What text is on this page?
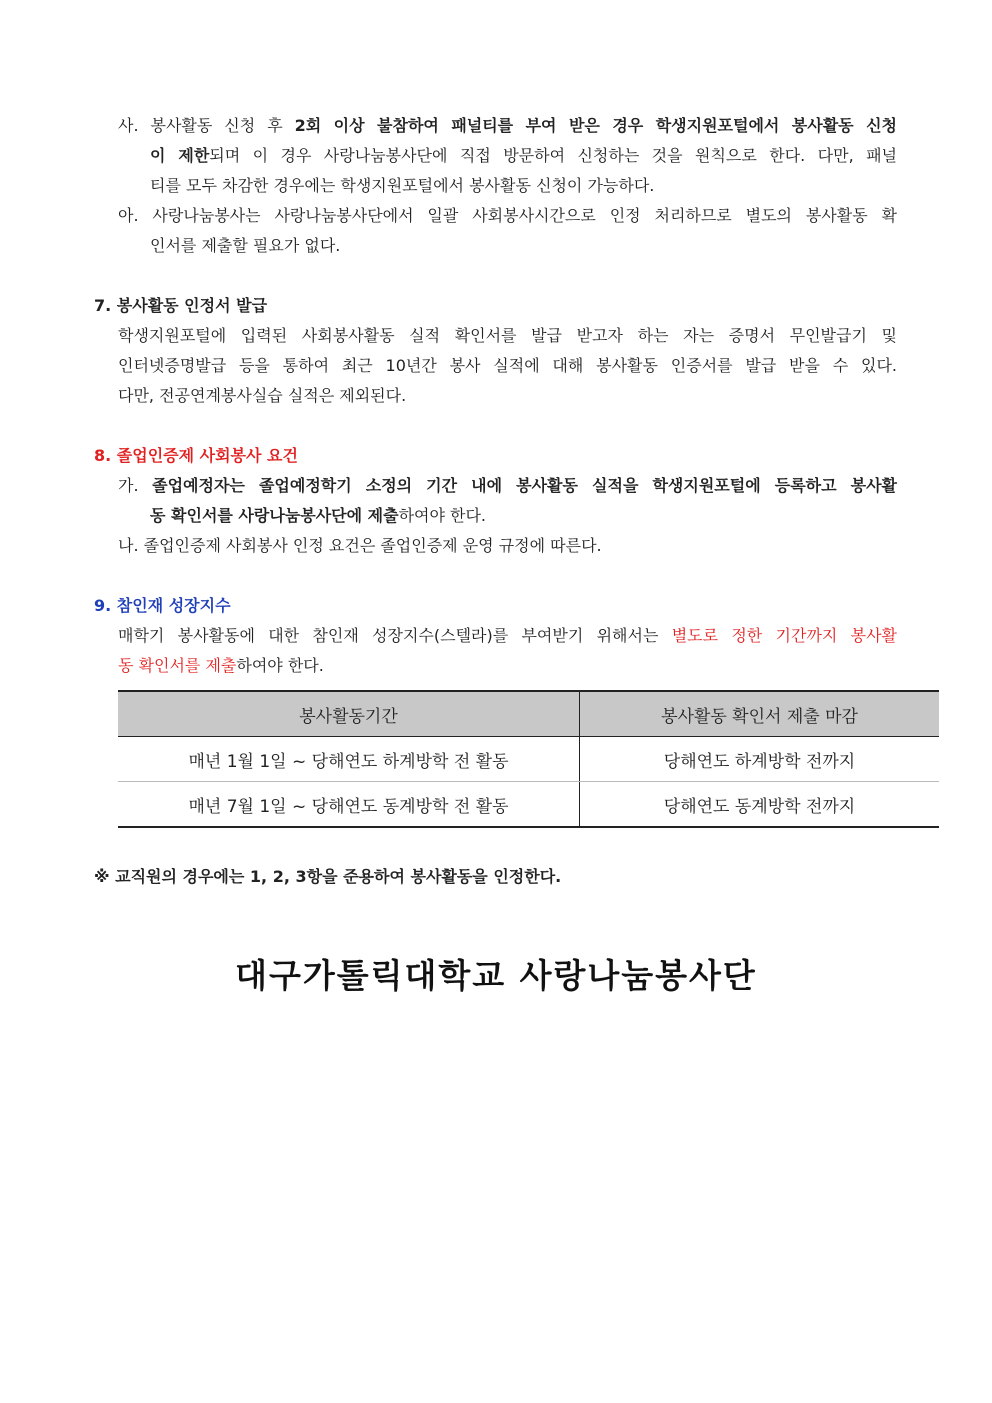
사. 봉사활동 신청 후 2회 이상 불참하여 패널티를 부여 받은 경우 학생지원포털에서 봉사활동 신청
이 제한되며 이 경우 사랑나눔봉사단에 직접 방문하여 신청하는 것을 원칙으로 한다. 다만, 패널
티를 모두 차감한 경우에는 학생지원포털에서 봉사활동 신청이 가능하다.
아. 사랑나눔봉사는 사랑나눔봉사단에서 일괄 사회봉사시간으로 인정 처리하므로 별도의 봉사활동 확
인서를 제출할 필요가 없다.
7. 봉사활동 인정서 발급
학생지원포털에 입력된 사회봉사활동 실적 확인서를 발급 받고자 하는 자는 증명서 무인발급기 및
인터넷증명발급 등을 통하여 최근 10년간 봉사 실적에 대해 봉사활동 인증서를 발급 받을 수 있다.
다만, 전공연계봉사실습 실적은 제외된다.
8. 졸업인증제 사회봉사 요건
가. 졸업예정자는 졸업예정학기 소정의 기간 내에 봉사활동 실적을 학생지원포털에 등록하고 봉사활
동 확인서를 사랑나눔봉사단에 제출하여야 한다.
나. 졸업인증제 사회봉사 인정 요건은 졸업인증제 운영 규정에 따른다.
9. 참인재 성장지수
매학기 봉사활동에 대한 참인재 성장지수(스텔라)를 부여받기 위해서는 별도로 정한 기간까지 봉사활
동 확인서를 제출하여야 한다.
봉사활동기간	봉사활동 확인서 제출 마감
매년 1월 1일 ~ 당해연도 하계방학 전 활동	당해연도 하계방학 전까지
매년 7월 1일 ~ 당해연도 동계방학 전 활동	당해연도 동계방학 전까지
※ 교직원의 경우에는 1, 2, 3항을 준용하여 봉사활동을 인정한다.
대구가톨릭대학교 사랑나눔봉사단
